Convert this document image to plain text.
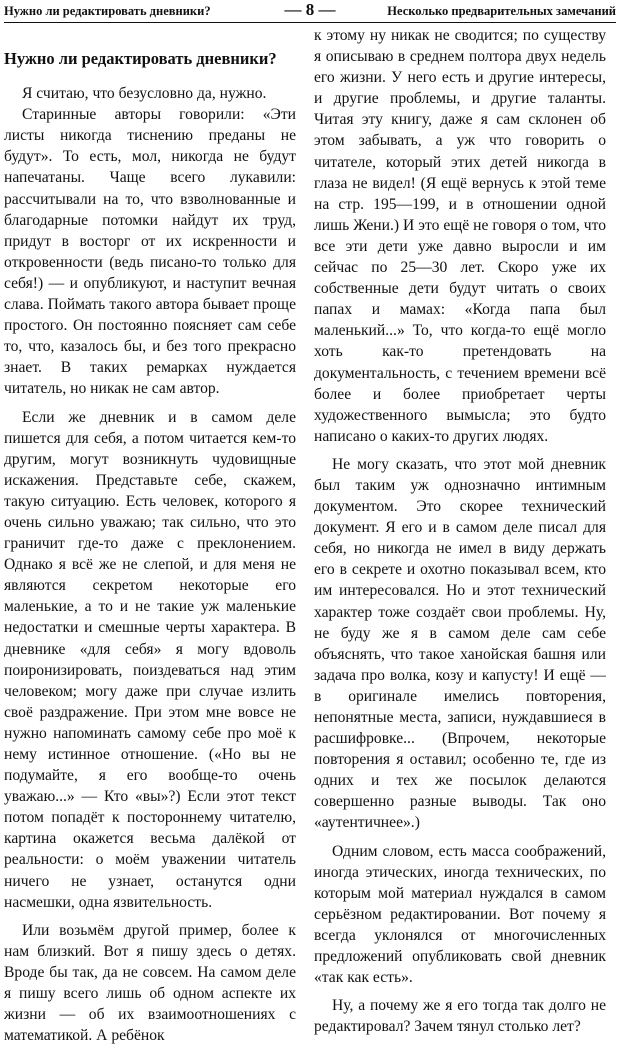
Нужно ли редактировать дневники?	— 8 —	Несколько предварительных замечаний
Нужно ли редактировать дневники?

Я считаю, что безусловно да, нужно.

Старинные авторы говорили: «Эти листы никогда тиснению преданы не будут». То есть, мол, никогда не будут напечатаны. Чаще всего лукавили: рассчитывали на то, что взволнованные и благодарные потомки найдут их труд, придут в восторг от их искренности и откровенности (ведь писано-то только для себя!) — и опубликуют, и наступит вечная слава. Поймать такого автора бывает проще простого. Он постоянно поясняет сам себе то, что, казалось бы, и без того прекрасно знает. В таких ремарках нуждается читатель, но никак не сам автор.

Если же дневник и в самом деле пишется для себя, а потом читается кем-то другим, могут возникнуть чудовищные искажения. Представьте себе, скажем, такую ситуацию. Есть человек, которого я очень сильно уважаю; так сильно, что это граничит где-то даже с преклонением. Однако я всё же не слепой, и для меня не являются секретом некоторые его маленькие, а то и не такие уж маленькие недостатки и смешные черты характера. В дневнике «для себя» я могу вдоволь поиронизировать, поиздеваться над этим человеком; могу даже при случае излить своё раздражение. При этом мне вовсе не нужно напоминать самому себе про моё к нему истинное отношение. («Но вы не подумайте, я его вообще-то очень уважаю...» — Кто «вы»?) Если этот текст потом попадёт к постороннему читателю, картина окажется весьма далёкой от реальности: о моём уважении читатель ничего не узнает, останутся одни насмешки, одна язвительность.

Или возьмём другой пример, более к нам близкий. Вот я пишу здесь о детях. Вроде бы так, да не совсем. На самом деле я пишу всего лишь об одном аспекте их жизни — об их взаимоотношениях с математикой. А ребёнок

к этому ну никак не сводится; по существу я описываю в среднем полтора двух недель его жизни. У него есть и другие интересы, и другие проблемы, и другие таланты. Читая эту книгу, даже я сам склонен об этом забывать, а уж что говорить о читателе, который этих детей никогда в глаза не видел! (Я ещё вернусь к этой теме на стр. 195—199, и в отношении одной лишь Жени.) И это ещё не говоря о том, что все эти дети уже давно выросли и им сейчас по 25—30 лет. Скоро уже их собственные дети будут читать о своих папах и мамах: «Когда папа был маленький...» То, что когда-то ещё могло хоть как-то претендовать на документальность, с течением времени всё более и более приобретает черты художественного вымысла; это будто написано о каких-то других людях.

Не могу сказать, что этот мой дневник был таким уж однозначно интимным документом. Это скорее технический документ. Я его и в самом деле писал для себя, но никогда не имел в виду держать его в секрете и охотно показывал всем, кто им интересовался. Но и этот технический характер тоже создаёт свои проблемы. Ну, не буду же я в самом деле сам себе объяснять, что такое ханойская башня или задача про волка, козу и капусту! И ещё — в оригинале имелись повторения, непонятные места, записи, нуждавшиеся в расшифровке... (Впрочем, некоторые повторения я оставил; особенно те, где из одних и тех же посылок делаются совершенно разные выводы. Так оно «аутентичнее».)

Одним словом, есть масса соображений, иногда этических, иногда технических, по которым мой материал нуждался в самом серьёзном редактировании. Вот почему я всегда уклонялся от многочисленных предложений опубликовать свой дневник «так как есть».

Ну, а почему же я его тогда так долго не редактировал? Зачем тянул столько лет?
